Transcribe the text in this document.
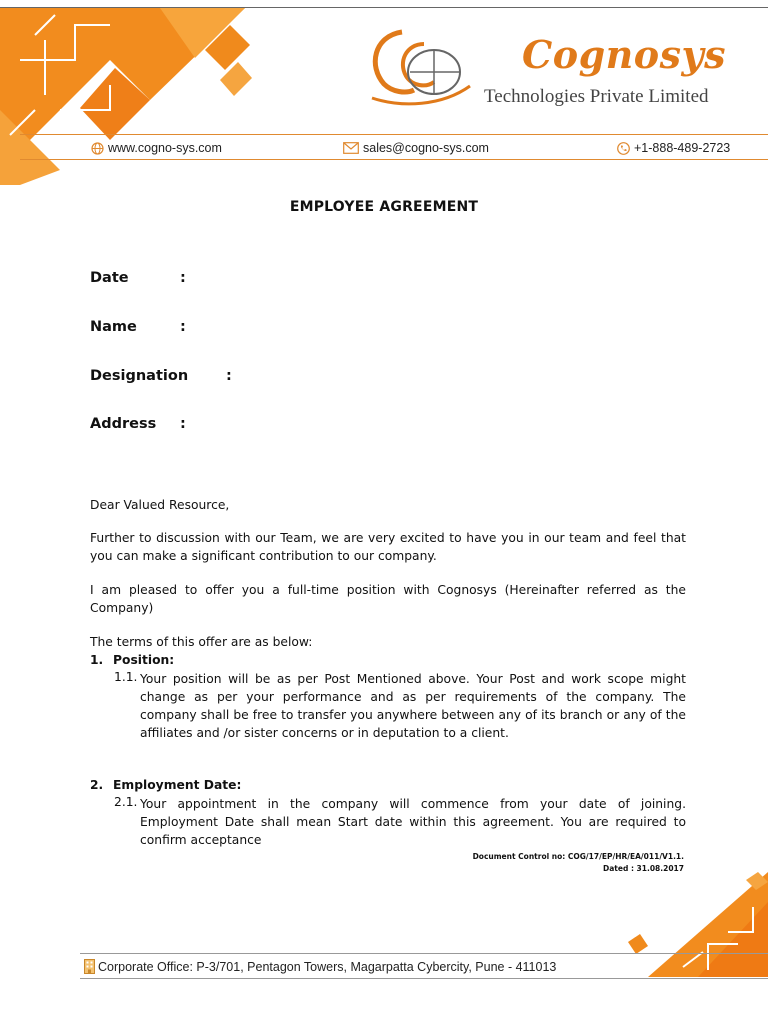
Cognosys
Technologies Private Limited
www.cogno-sys.com	sales@cogno-sys.com	+1-888-489-2723
EMPLOYEE AGREEMENT
Date	:
Name	:
Designation	:
Address :

Dear Valued Resource,

Further to discussion with our Team, we are very excited to have you in our team and feel that you can make a significant contribution to our company.

I am pleased to offer you a full-time position with Cognosys (Hereinafter referred as the Company)

The terms of this offer are as below:

1. Position:
1.1. Your position will be as per Post Mentioned above. Your Post and work scope might change as per your performance and as per requirements of the company. The company shall be free to transfer you anywhere between any of its branch or any of the affiliates and /or sister concerns or in deputation to a client.

2. Employment Date:
2.1. Your appointment in the company will commence from your date of joining. Employment Date shall mean Start date within this agreement. You are required to confirm acceptance

Document Control no: COG/17/EP/HR/EA/011/V1.1.
Dated : 31.08.2017
Corporate Office: P-3/701, Pentagon Towers, Magarpatta Cybercity, Pune - 411013
